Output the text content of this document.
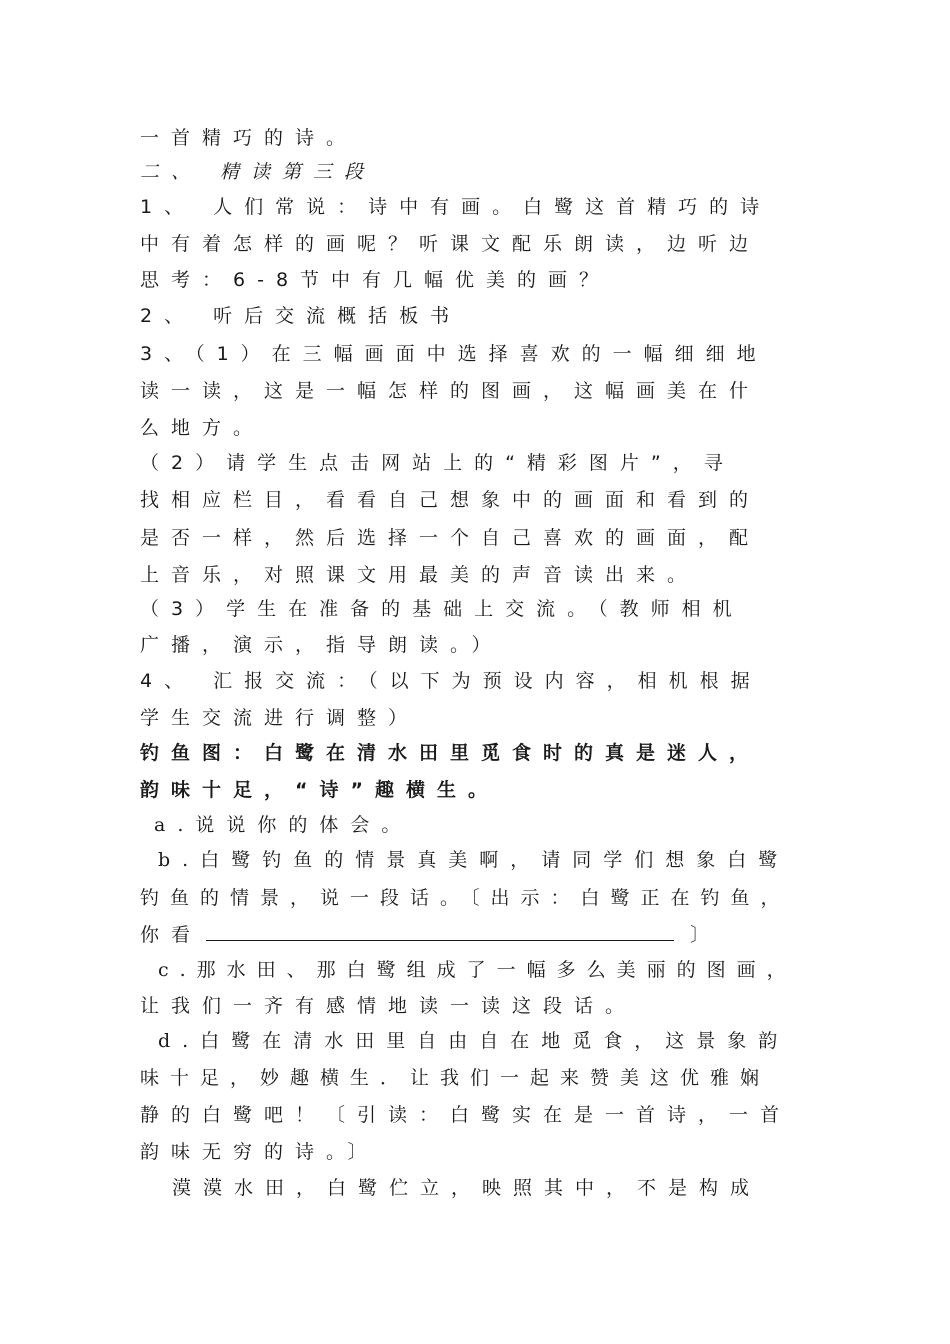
一首精巧的诗。
二、 精读第三段
1、 人们常说：诗中有画。白鹭这首精巧的诗
中有着怎样的画呢？听课文配乐朗读，边听边
思考：6-8节中有几幅优美的画？
2、 听后交流概括板书
3、（1）在三幅画面中选择喜欢的一幅细细地
读一读，这是一幅怎样的图画，这幅画美在什
么地方。
（2）请学生点击网站上的“精彩图片”，寻
找相应栏目，看看自己想象中的画面和看到的
是否一样，然后选择一个自己喜欢的画面，配
上音乐，对照课文用最美的声音读出来。
（3）学生在准备的基础上交流。（教师相机
广播，演示，指导朗读。）
4、 汇报交流：（以下为预设内容，相机根据
学生交流进行调整）
钓鱼图：白鹭在清水田里觅食时的真是迷人，
韵味十足，“诗”趣横生。
a.说说你的体会。
b.白鹭钓鱼的情景真美啊，请同学们想象白鹭
钓鱼的情景，说一段话。〔出示：白鹭正在钓鱼，
你看	〕
c.那水田、那白鹭组成了一幅多么美丽的图画，
让我们一齐有感情地读一读这段话。
d.白鹭在清水田里自由自在地觅食，这景象韵
味十足，妙趣横生．让我们一起来赞美这优雅娴
静的白鹭吧！〔引读：白鹭实在是一首诗，一首
韵味无穷的诗。〕
漠漠水田，白鹭伫立，映照其中，不是构成
